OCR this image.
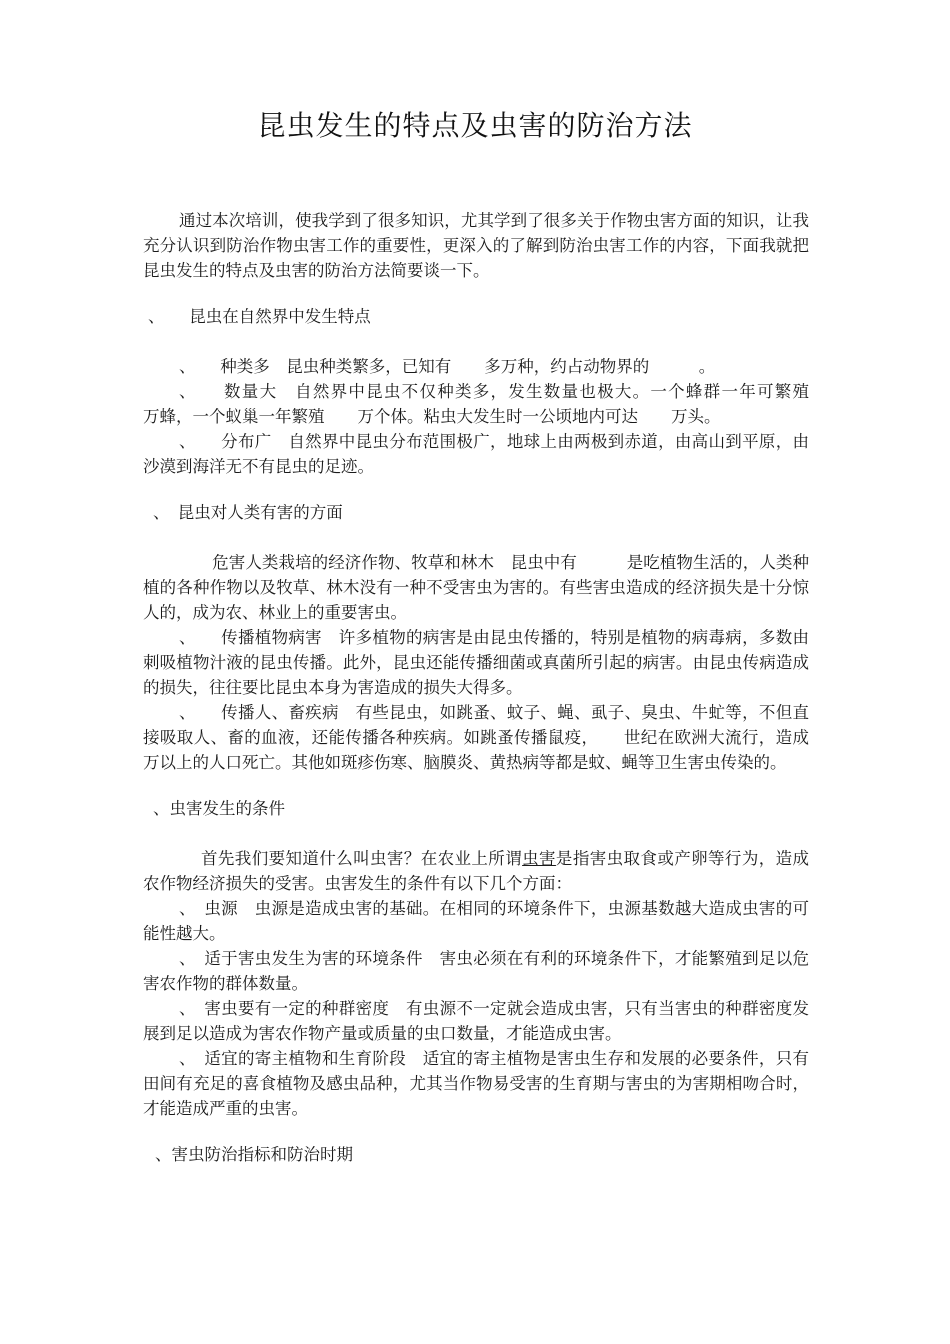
昆虫发生的特点及虫害的防治方法

通过本次培训，使我学到了很多知识，尤其学到了很多关于作物虫害方面的知识，让我充分认识到防治作物虫害工作的重要性，更深入的了解到防治虫害工作的内容，下面我就把昆虫发生的特点及虫害的防治方法简要谈一下。

、　　昆虫在自然界中发生特点

、　　种类多　昆虫种类繁多，已知有　　多万种，约占动物界的　　　。

、　　数量大　自然界中昆虫不仅种类多，发生数量也极大。一个蜂群一年可繁殖　　万蜂，一个蚁巢一年繁殖　　万个体。粘虫大发生时一公顷地内可达　　万头。

、　　分布广　自然界中昆虫分布范围极广，地球上由两极到赤道，由高山到平原，由沙漠到海洋无不有昆虫的足迹。

、　昆虫对人类有害的方面

　　危害人类栽培的经济作物、牧草和林木　昆虫中有　　　是吃植物生活的，人类种植的各种作物以及牧草、林木没有一种不受害虫为害的。有些害虫造成的经济损失是十分惊人的，成为农、林业上的重要害虫。

、　　传播植物病害　许多植物的病害是由昆虫传播的，特别是植物的病毒病，多数由刺吸植物汁液的昆虫传播。此外，昆虫还能传播细菌或真菌所引起的病害。由昆虫传病造成的损失，往往要比昆虫本身为害造成的损失大得多。

、　　传播人、畜疾病　有些昆虫，如跳蚤、蚊子、蝇、虱子、臭虫、牛虻等，不但直接吸取人、畜的血液，还能传播各种疾病。如跳蚤传播鼠疫，　　世纪在欧洲大流行，造成　　　万以上的人口死亡。其他如斑疹伤寒、脑膜炎、黄热病等都是蚊、蝇等卫生害虫传染的。

、虫害发生的条件

首先我们要知道什么叫虫害？在农业上所谓虫害是指害虫取食或产卵等行为，造成农作物经济损失的受害。虫害发生的条件有以下几个方面：

、　虫源　虫源是造成虫害的基础。在相同的环境条件下，虫源基数越大造成虫害的可能性越大。

、　适于害虫发生为害的环境条件　害虫必须在有利的环境条件下，才能繁殖到足以危害农作物的群体数量。

、　害虫要有一定的种群密度　有虫源不一定就会造成虫害，只有当害虫的种群密度发展到足以造成为害农作物产量或质量的虫口数量，才能造成虫害。

、　适宜的寄主植物和生育阶段　适宜的寄主植物是害虫生存和发展的必要条件，只有田间有充足的喜食植物及感虫品种，尤其当作物易受害的生育期与害虫的为害期相吻合时，才能造成严重的虫害。

、害虫防治指标和防治时期
